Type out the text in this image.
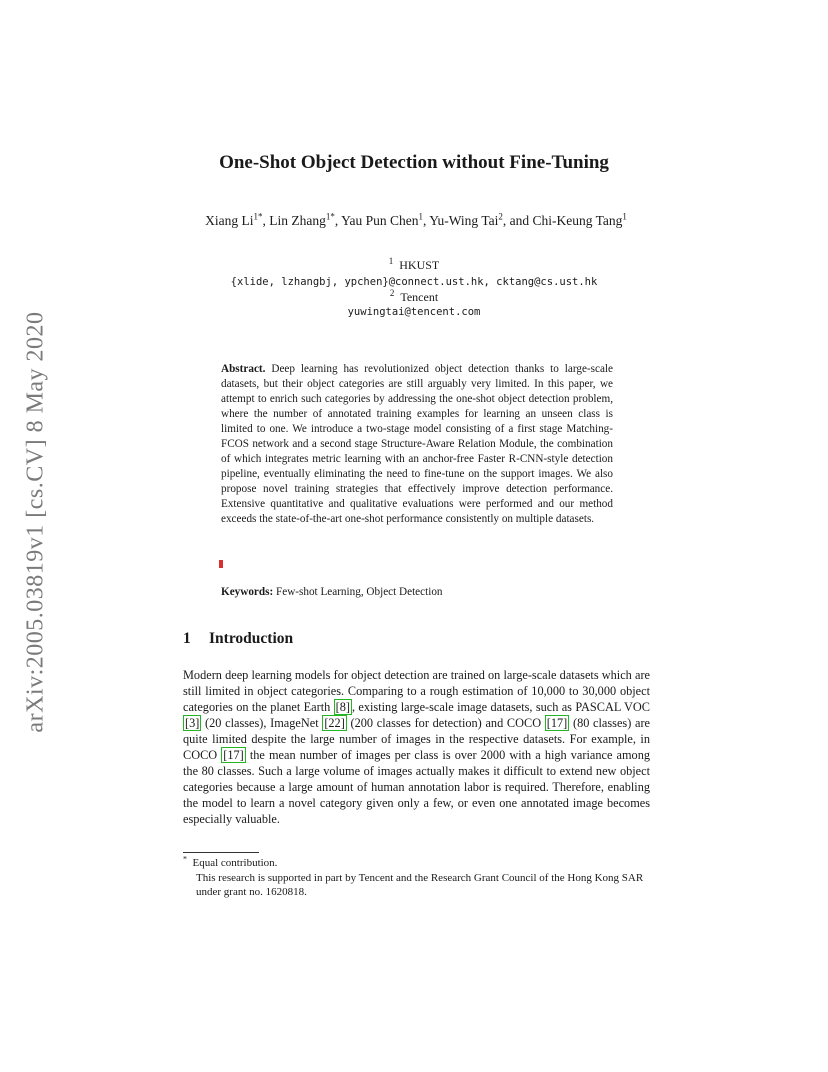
arXiv:2005.03819v1 [cs.CV] 8 May 2020
One-Shot Object Detection without Fine-Tuning
Xiang $Li^{1*}$, Lin Zhang$^{1*}$, Yau Pun Chen$^1$, Yu-Wing Tai$^2$, and Chi-Keung Tang$^1$
$^1$ HKUST
{xlide, lzhangbj, ypchen}@connect.ust.hk, cktang@cs.ust.hk
$^2$ Tencent
yuwingtai@tencent.com
Abstract. Deep learning has revolutionized object detection thanks to large-scale datasets, but their object categories are still arguably very limited. In this paper, we attempt to enrich such categories by addressing the one-shot object detection problem, where the number of annotated training examples for learning an unseen class is limited to one. We introduce a two-stage model consisting of a first stage Matching-FCOS network and a second stage Structure-Aware Relation Module, the combination of which integrates metric learning with an anchor-free Faster R-CNN-style detection pipeline, eventually eliminating the need to fine-tune on the support images. We also propose novel training strategies that effectively improve detection performance. Extensive quantitative and qualitative evaluations were performed and our method exceeds the state-of-the-art one-shot performance consistently on multiple datasets.
Keywords: Few-shot Learning, Object Detection
1 Introduction
Modern deep learning models for object detection are trained on large-scale datasets which are still limited in object categories. Comparing to a rough estimation of 10,000 to 30,000 object categories on the planet Earth [8] , existing large-scale image datasets, such as PASCAL VOC [3] (20 classes), ImageNet [22] (200 classes for detection) and COCO [17] (80 classes) are quite limited despite the large number of images in the respective datasets. For example, in COCO [17] the mean number of images per class is over 2000 with a high variance among the 80 classes. Such a large volume of images actually makes it difficult to extend new object categories because a large amount of human annotation labor is required. Therefore, enabling the model to learn a novel category given only a few, or even one annotated image becomes especially valuable.
* Equal contribution.
This research is supported in part by Tencent and the Research Grant Council of the Hong Kong SAR under grant no. 1620818.
